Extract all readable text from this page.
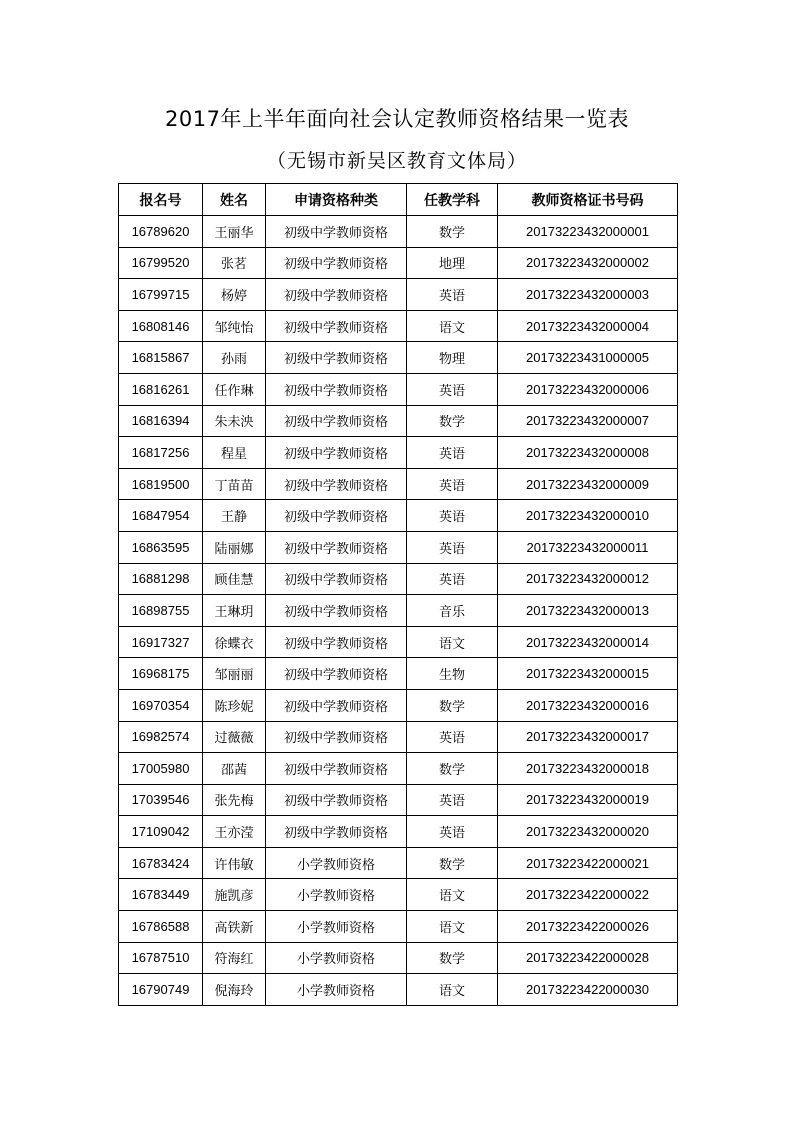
2017年上半年面向社会认定教师资格结果一览表
（无锡市新吴区教育文体局）
报名号	姓名	申请资格种类	任教学科	教师资格证书号码
16789620	王丽华	初级中学教师资格	数学	20173223432000001
16799520	张茗	初级中学教师资格	地理	20173223432000002
16799715	杨婷	初级中学教师资格	英语	20173223432000003
16808146	邹纯怡	初级中学教师资格	语文	20173223432000004
16815867	孙雨	初级中学教师资格	物理	20173223431000005
16816261	任作琳	初级中学教师资格	英语	20173223432000006
16816394	朱未泱	初级中学教师资格	数学	20173223432000007
16817256	程星	初级中学教师资格	英语	20173223432000008
16819500	丁苗苗	初级中学教师资格	英语	20173223432000009
16847954	王静	初级中学教师资格	英语	20173223432000010
16863595	陆丽娜	初级中学教师资格	英语	20173223432000011
16881298	顾佳慧	初级中学教师资格	英语	20173223432000012
16898755	王琳玥	初级中学教师资格	音乐	20173223432000013
16917327	徐蝶衣	初级中学教师资格	语文	20173223432000014
16968175	邹丽丽	初级中学教师资格	生物	20173223432000015
16970354	陈珍妮	初级中学教师资格	数学	20173223432000016
16982574	过薇薇	初级中学教师资格	英语	20173223432000017
17005980	邵茜	初级中学教师资格	数学	20173223432000018
17039546	张先梅	初级中学教师资格	英语	20173223432000019
17109042	王亦滢	初级中学教师资格	英语	20173223432000020
16783424	许伟敏	小学教师资格	数学	20173223422000021
16783449	施凯彦	小学教师资格	语文	20173223422000022
16786588	高铁新	小学教师资格	语文	20173223422000026
16787510	符海红	小学教师资格	数学	20173223422000028
16790749	倪海玲	小学教师资格	语文	20173223422000030
